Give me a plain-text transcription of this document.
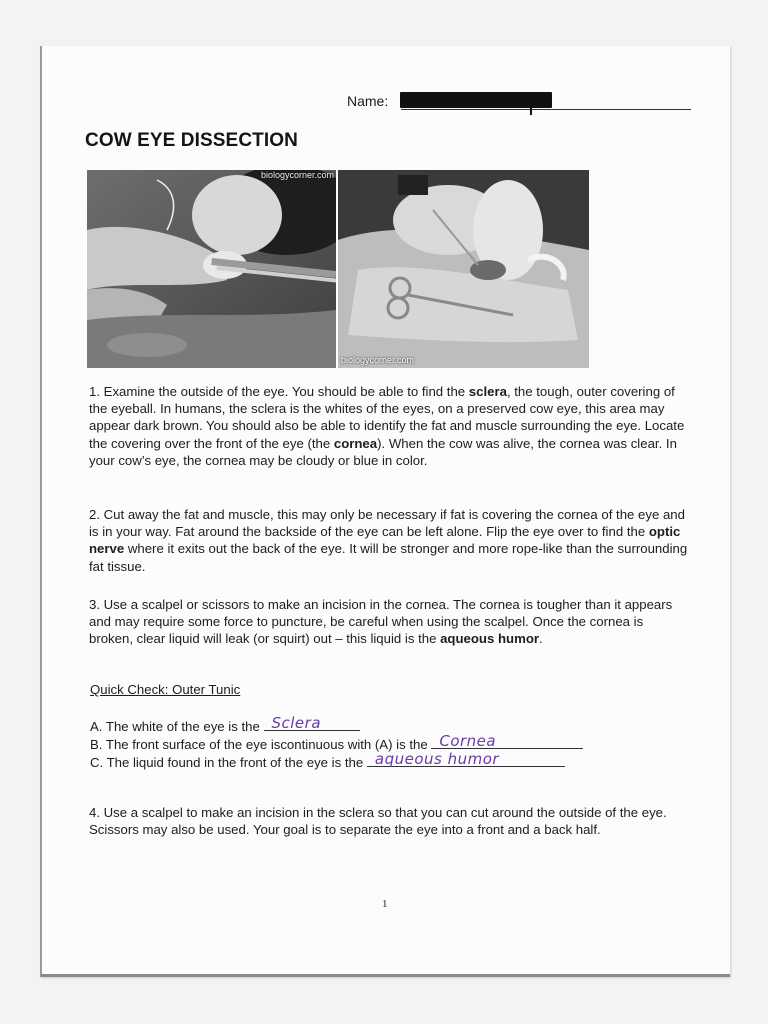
Name:
COW EYE DISSECTION
biologycorner.com
biologycorner.com

1. Examine the outside of the eye. You should be able to find the sclera, the tough, outer covering of the eyeball. In humans, the sclera is the whites of the eyes, on a preserved cow eye, this area may appear dark brown. You should also be able to identify the fat and muscle surrounding the eye. Locate the covering over the front of the eye (the cornea). When the cow was alive, the cornea was clear. In your cow’s eye, the cornea may be cloudy or blue in color.

2. Cut away the fat and muscle, this may only be necessary if fat is covering the cornea of the eye and is in your way. Fat around the backside of the eye can be left alone. Flip the eye over to find the optic nerve where it exits out the back of the eye. It will be stronger and more rope-like than the surrounding fat tissue.

3. Use a scalpel or scissors to make an incision in the cornea. The cornea is tougher than it appears and may require some force to puncture, be careful when using the scalpel. Once the cornea is broken, clear liquid will leak (or squirt) out – this liquid is the aqueous humor.

Quick Check: Outer Tunic

A. The white of the eye is the Sclera
B. The front surface of the eye iscontinuous with (A) is the Cornea
C. The liquid found in the front of the eye is the aqueous humor

4. Use a scalpel to make an incision in the sclera so that you can cut around the outside of the eye. Scissors may also be used. Your goal is to separate the eye into a front and a back half.

1
